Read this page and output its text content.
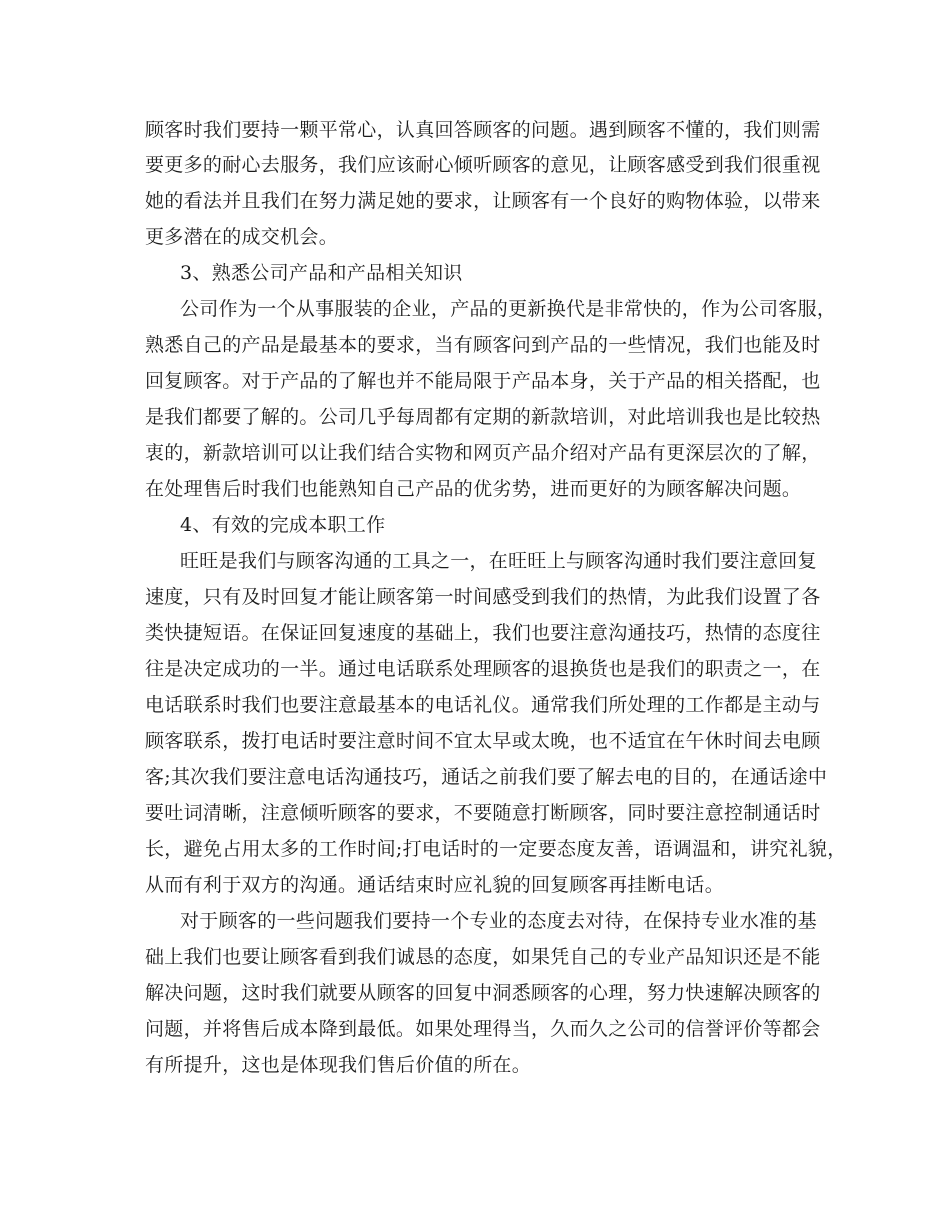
顾客时我们要持一颗平常心，认真回答顾客的问题。遇到顾客不懂的，我们则需
要更多的耐心去服务，我们应该耐心倾听顾客的意见，让顾客感受到我们很重视
她的看法并且我们在努力满足她的要求，让顾客有一个良好的购物体验，以带来
更多潜在的成交机会。
3、熟悉公司产品和产品相关知识
公司作为一个从事服装的企业，产品的更新换代是非常快的，作为公司客服，
熟悉自己的产品是最基本的要求，当有顾客问到产品的一些情况，我们也能及时
回复顾客。对于产品的了解也并不能局限于产品本身，关于产品的相关搭配，也
是我们都要了解的。公司几乎每周都有定期的新款培训，对此培训我也是比较热
衷的，新款培训可以让我们结合实物和网页产品介绍对产品有更深层次的了解，
在处理售后时我们也能熟知自己产品的优劣势，进而更好的为顾客解决问题。
4、有效的完成本职工作
旺旺是我们与顾客沟通的工具之一，在旺旺上与顾客沟通时我们要注意回复
速度，只有及时回复才能让顾客第一时间感受到我们的热情，为此我们设置了各
类快捷短语。在保证回复速度的基础上，我们也要注意沟通技巧，热情的态度往
往是决定成功的一半。通过电话联系处理顾客的退换货也是我们的职责之一，在
电话联系时我们也要注意最基本的电话礼仪。通常我们所处理的工作都是主动与
顾客联系，拨打电话时要注意时间不宜太早或太晚，也不适宜在午休时间去电顾
客;其次我们要注意电话沟通技巧，通话之前我们要了解去电的目的，在通话途中
要吐词清晰，注意倾听顾客的要求，不要随意打断顾客，同时要注意控制通话时
长，避免占用太多的工作时间;打电话时的一定要态度友善，语调温和，讲究礼貌，
从而有利于双方的沟通。通话结束时应礼貌的回复顾客再挂断电话。
对于顾客的一些问题我们要持一个专业的态度去对待，在保持专业水准的基
础上我们也要让顾客看到我们诚恳的态度，如果凭自己的专业产品知识还是不能
解决问题，这时我们就要从顾客的回复中洞悉顾客的心理，努力快速解决顾客的
问题，并将售后成本降到最低。如果处理得当，久而久之公司的信誉评价等都会
有所提升，这也是体现我们售后价值的所在。
